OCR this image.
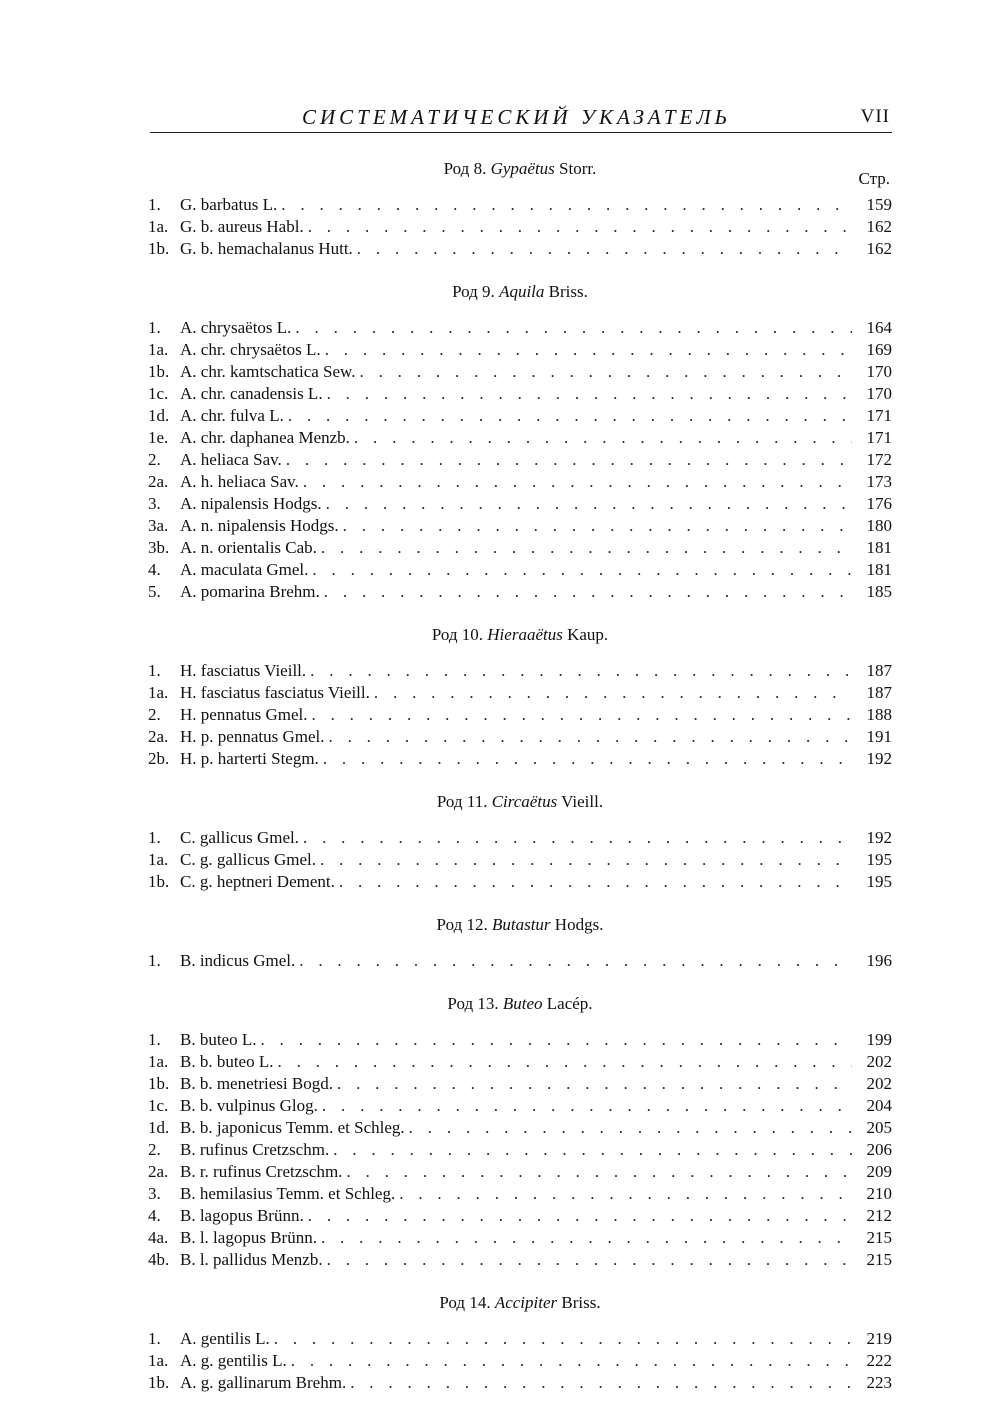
СИСТЕМАТИЧЕСКИЙ УКАЗАТЕЛЬ	VII
Род 8. Gypaëtus Storr.
Стр.
1.	G. barbatus L. . . .	159
1a. G. b. aureus Habl. . . .	162
1b. G. b. hemachalanus Hutt. . . .	162
Род 9. Aquila Briss.
1.	A. chrysaëtos L. . . .	164
1a. A. chr. chrysaëtos L. . . .	169
1b. A. chr. kamtschatica Sew. . . .	170
1c. A. chr. canadensis L. . . .	170
1d. A. chr. fulva L. . . .	171
1e. A. chr. daphanea Menzb. . . .	171
2.	A. heliaca Sav. . . .	172
2a. A. h. heliaca Sav. . . .	173
3.	A. nipalensis Hodgs. . . .	176
3a. A. n. nipalensis Hodgs. . . .	180
3b. A. n. orientalis Cab. . . .	181
4.	A. maculata Gmel. . . .	181
5.	A. pomarina Brehm. . . .	185
Род 10. Hieraaëtus Kaup.
1.	H. fasciatus Vieill. . . .	187
1a. H. fasciatus fasciatus Vieill. . . .	187
2.	H. pennatus Gmel. . . .	188
2a. H. p. pennatus Gmel. . . .	191
2b. H. p. harterti Stegm. . . .	192
Род 11. Circaëtus Vieill.
1.	C. gallicus Gmel. . . .	192
1a. C. g. gallicus Gmel. . . .	195
1b. C. g. heptneri Dement. . . .	195
Род 12. Butastur Hodgs.
1.	B. indicus Gmel. . . .	196
Род 13. Buteo Lacép.
1.	B. buteo L. . . .	199
1a. B. b. buteo L. . . .	202
1b. B. b. menetriesi Bogd. . . .	202
1c. B. b. vulpinus Glog. . . .	204
1d. B. b. japonicus Temm. et Schleg. . . .	205
2.	B. rufinus Cretzschm. . . .	206
2a. B. r. rufinus Cretzschm. . . .	209
3.	B. hemilasius Temm. et Schleg. . . .	210
4.	B. lagopus Brünn. . . .	212
4a. B. l. lagopus Brünn. . . .	215
4b. B. l. pallidus Menzb. . . .	215
Род 14. Accipiter Briss.
1.	A. gentilis L. . . .	219
1a. A. g. gentilis L. . . .	222
1b. A. g. gallinarum Brehm. . . .	223
